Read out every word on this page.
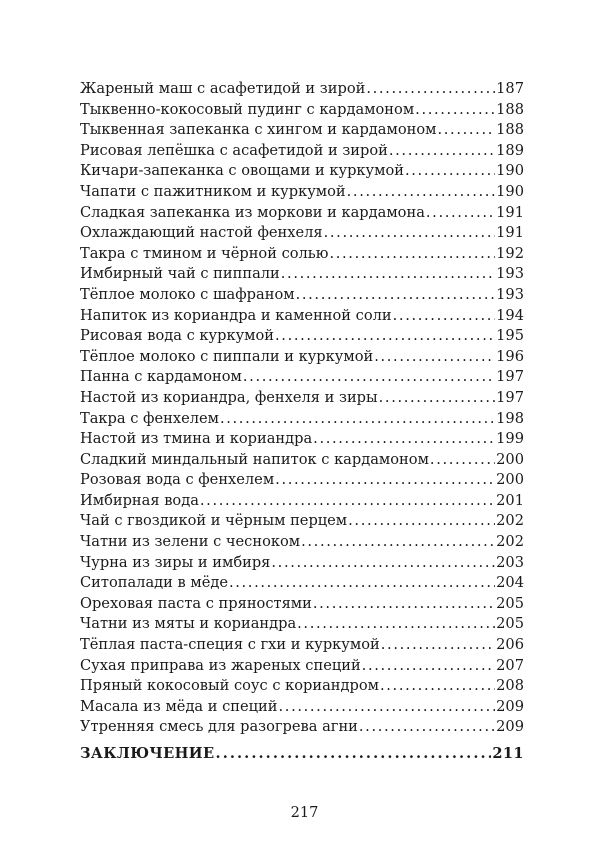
Жареный маш с асафетидой и зирой . . .	187
Тыквенно-кокосовый пудинг с кардамоном . . .	188
Тыквенная запеканка с хингом и кардамоном . . .	188
Рисовая лепёшка с асафетидой и зирой . . .	189
Кичари-запеканка с овощами и куркумой . . .	190
Чапати с пажитником и куркумой . . .	190
Сладкая запеканка из моркови и кардамона . . .	191
Охлаждающий настой фенхеля . . .	191
Такра с тмином и чёрной солью . . .	192
Имбирный чай с пиппали . . .	193
Тёплое молоко с шафраном . . .	193
Напиток из кориандра и каменной соли . . .	194
Рисовая вода с куркумой . . .	195
Тёплое молоко с пиппали и куркумой . . .	196
Панна с кардамоном . . .	197
Настой из кориандра, фенхеля и зиры . . .	197
Такра с фенхелем . . .	198
Настой из тмина и кориандра . . .	199
Сладкий миндальный напиток с кардамоном . . .	200
Розовая вода с фенхелем . . .	200
Имбирная вода . . .	201
Чай с гвоздикой и чёрным перцем . . .	202
Чатни из зелени с чесноком . . .	202
Чурна из зиры и имбиря . . .	203
Ситопалади в мёде . . .	204
Ореховая паста с пряностями . . .	205
Чатни из мяты и кориандра . . .	205
Тёплая паста-специя с гхи и куркумой . . .	206
Сухая приправа из жареных специй . . .	207
Пряный кокосовый соус с кориандром . . .	208
Масала из мёда и специй . . .	209
Утренняя смесь для разогрева агни . . .	209
ЗАКЛЮЧЕНИЕ . . .	211
217
